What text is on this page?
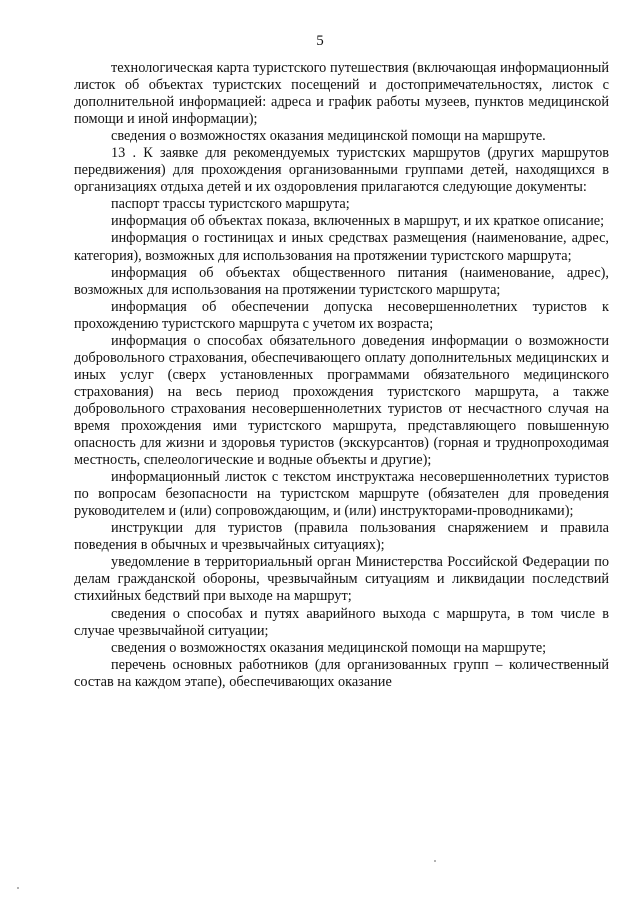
5

технологическая карта туристского путешествия (включающая информационный листок об объектах туристских посещений и достопримечательностях, листок с дополнительной информацией: адреса и график работы музеев, пунктов медицинской помощи и иной информации);

сведения о возможностях оказания медицинской помощи на маршруте.

13 . К заявке для рекомендуемых туристских маршрутов (других маршрутов передвижения) для прохождения организованными группами детей, находящихся в организациях отдыха детей и их оздоровления прилагаются следующие документы:

паспорт трассы туристского маршрута;

информация об объектах показа, включенных в маршрут, и их краткое описание;

информация о гостиницах и иных средствах размещения (наименование, адрес, категория), возможных для использования на протяжении туристского маршрута;

информация об объектах общественного питания (наименование, адрес), возможных для использования на протяжении туристского маршрута;

информация об обеспечении допуска несовершеннолетних туристов к прохождению туристского маршрута с учетом их возраста;

информация о способах обязательного доведения информации о возможности добровольного страхования, обеспечивающего оплату дополнительных медицинских и иных услуг (сверх установленных программами обязательного медицинского страхования) на весь период прохождения туристского маршрута, а также добровольного страхования несовершеннолетних туристов от несчастного случая на время прохождения ими туристского маршрута, представляющего повышенную опасность для жизни и здоровья туристов (экскурсантов) (горная и труднопроходимая местность, спелеологические и водные объекты и другие);

информационный листок с текстом инструктажа несовершеннолетних туристов по вопросам безопасности на туристском маршруте (обязателен для проведения руководителем и (или) сопровождающим, и (или) инструкторами-проводниками);

инструкции для туристов (правила пользования снаряжением и правила поведения в обычных и чрезвычайных ситуациях);

уведомление в территориальный орган Министерства Российской Федерации по делам гражданской обороны, чрезвычайным ситуациям и ликвидации последствий стихийных бедствий при выходе на маршрут;

сведения о способах и путях аварийного выхода с маршрута, в том числе в случае чрезвычайной ситуации;

сведения о возможностях оказания медицинской помощи на маршруте;

перечень основных работников (для организованных групп – количественный состав на каждом этапе), обеспечивающих оказание
